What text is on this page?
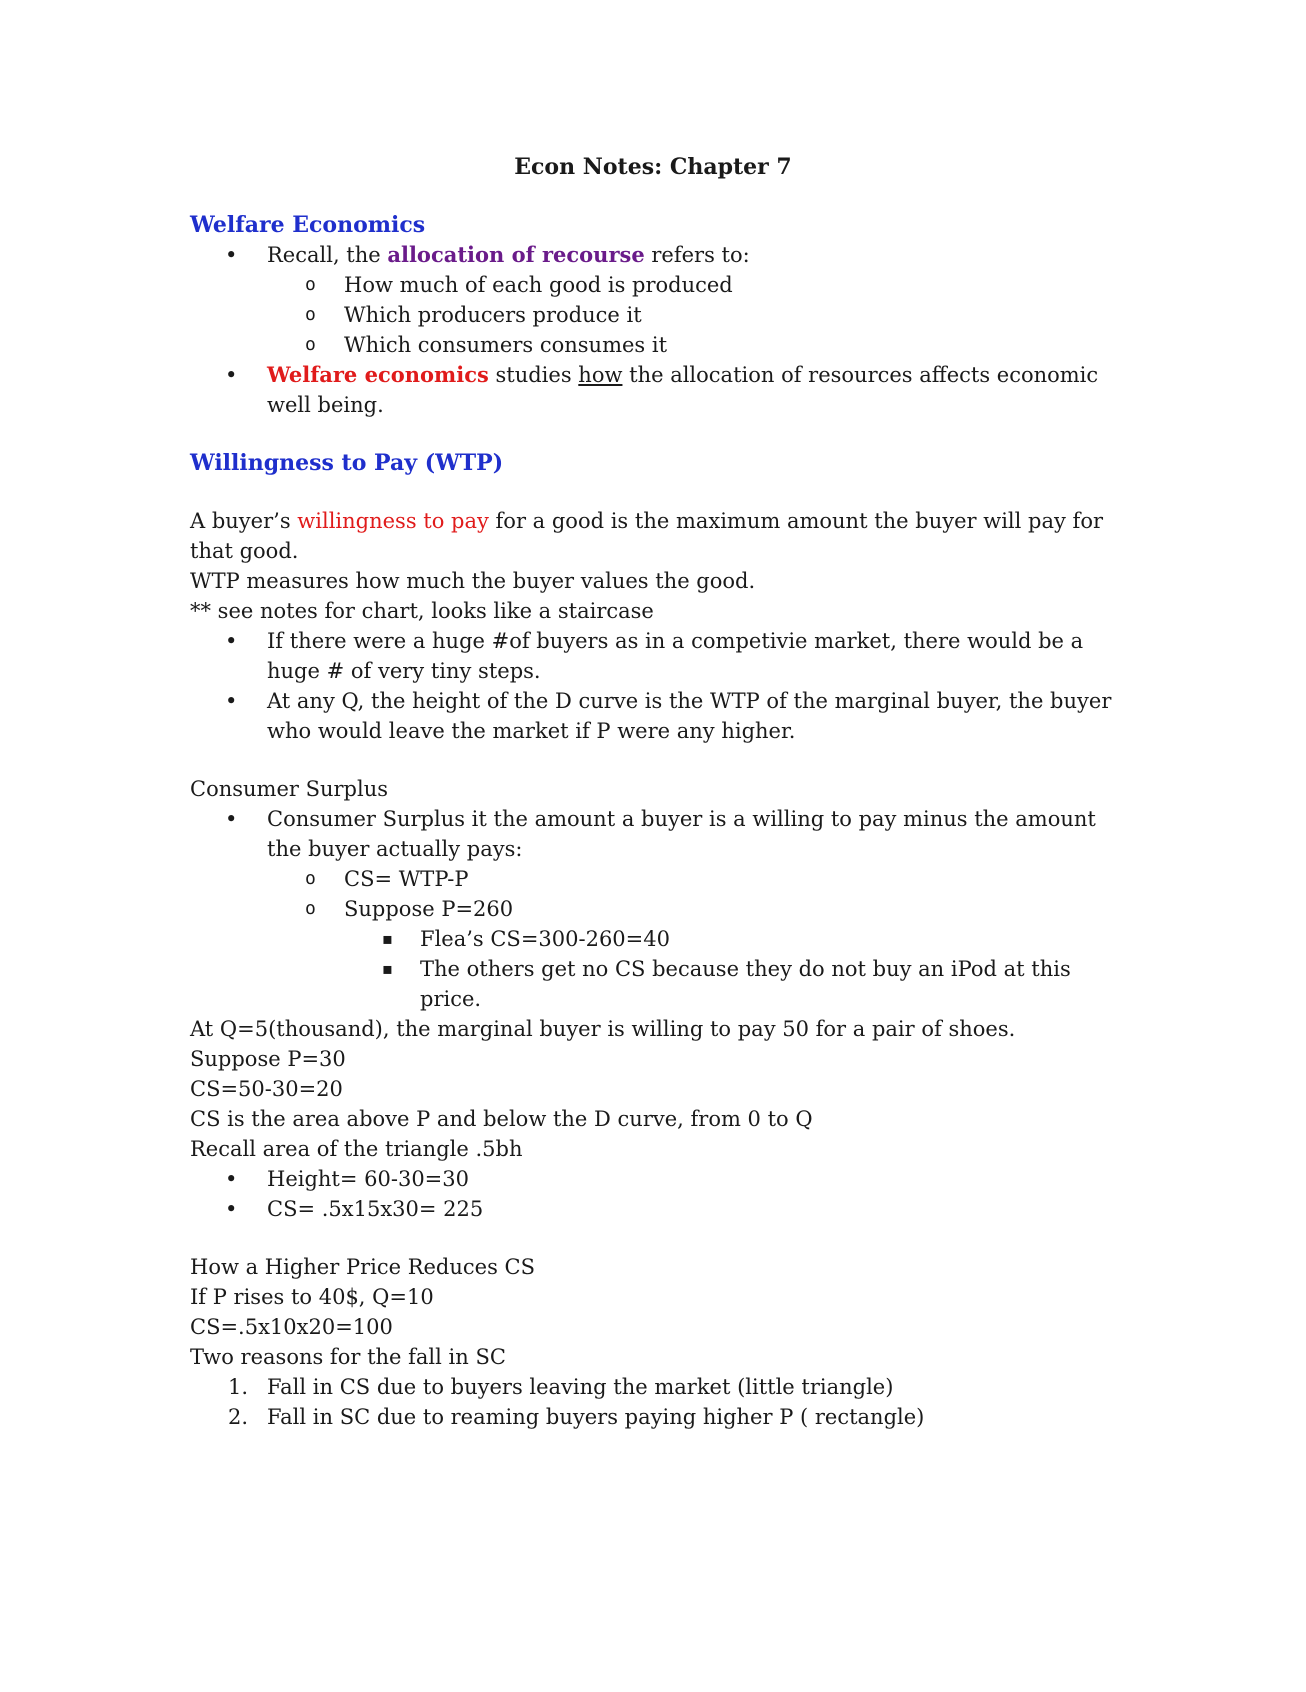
Econ Notes: Chapter 7

Welfare Economics

• Recall, the allocation of recourse refers to:
o How much of each good is produced
o Which producers produce it
o Which consumers consumes it
• Welfare economics studies how the allocation of resources affects economic well being.

Willingness to Pay (WTP)

A buyer’s willingness to pay for a good is the maximum amount the buyer will pay for that good.

WTP measures how much the buyer values the good.

** see notes for chart, looks like a staircase

• If there were a huge #of buyers as in a competivie market, there would be a huge # of very tiny steps.
• At any Q, the height of the D curve is the WTP of the marginal buyer, the buyer who would leave the market if P were any higher.

Consumer Surplus

• Consumer Surplus it the amount a buyer is a willing to pay minus the amount the buyer actually pays:
o CS= WTP-P
o Suppose P=260
▪ Flea’s CS=300-260=40
▪ The others get no CS because they do not buy an iPod at this price.

At Q=5(thousand), the marginal buyer is willing to pay 50 for a pair of shoes.

Suppose P=30

CS=50-30=20

CS is the area above P and below the D curve, from 0 to Q

Recall area of the triangle .5bh

• Height= 60-30=30
• CS= .5x15x30= 225

How a Higher Price Reduces CS

If P rises to 40$, Q=10

CS=.5x10x20=100

Two reasons for the fall in SC

1. Fall in CS due to buyers leaving the market (little triangle)
2. Fall in SC due to reaming buyers paying higher P ( rectangle)
